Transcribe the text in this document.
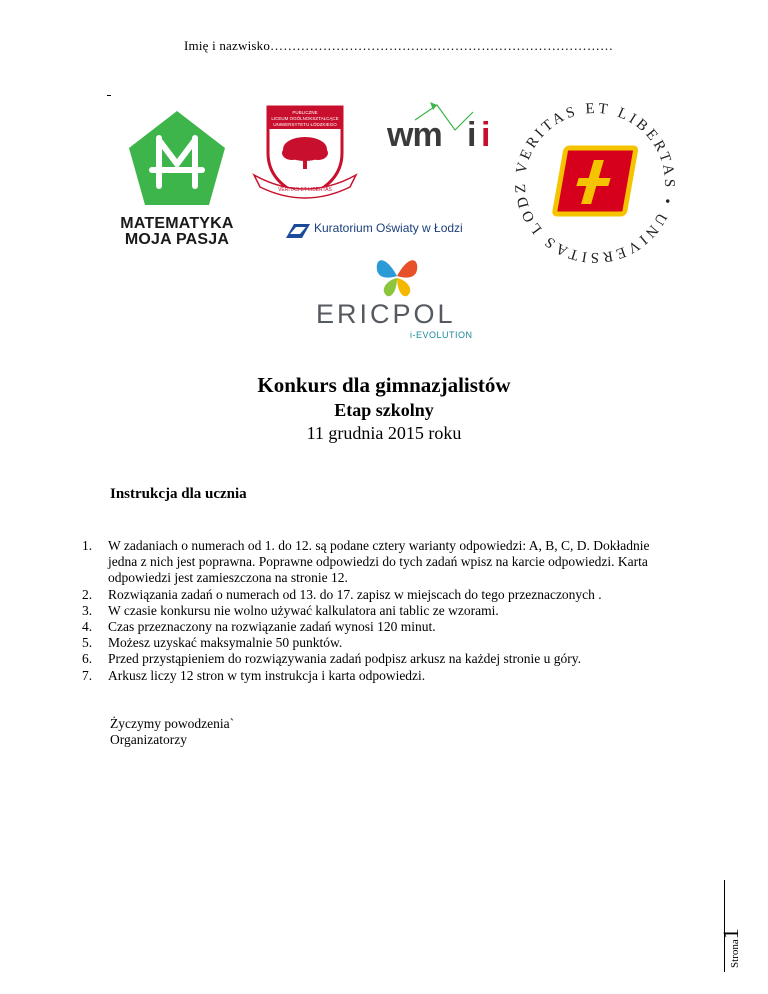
Imię i nazwisko……………………………………………………………………
MATEMATYKA
MOJA PASJA
PUBLICZNE
LICEUM OGÓLNOKSZTAŁCĄCE
UNIWERSYTETU ŁÓDZKIEGO
VERITAS ET LIBERTAS
wm i i
Kuratorium Oświaty w Łodzi
VERITAS ET LIBERTAS • UNIVERSITAS LODZ
ERICPOL
i-EVOLUTION
Konkurs dla gimnazjalistów
Etap szkolny
11 grudnia 2015 roku
Instrukcja dla ucznia
1. W zadaniach o numerach od 1. do 12. są podane cztery warianty odpowiedzi: A, B, C, D. Dokładnie jedna z nich jest poprawna. Poprawne odpowiedzi do tych zadań wpisz na karcie odpowiedzi. Karta odpowiedzi jest zamieszczona na stronie 12.
2. Rozwiązania zadań o numerach od 13. do 17. zapisz w miejscach do tego przeznaczonych .
3. W czasie konkursu nie wolno używać kalkulatora ani tablic ze wzorami.
4. Czas przeznaczony na rozwiązanie zadań wynosi 120 minut.
5. Możesz uzyskać maksymalnie 50 punktów.
6. Przed przystąpieniem do rozwiązywania zadań podpisz arkusz na każdej stronie u góry.
7. Arkusz liczy 12 stron w tym instrukcja i karta odpowiedzi.
Życzymy powodzenia`
Organizatorzy
Strona1
